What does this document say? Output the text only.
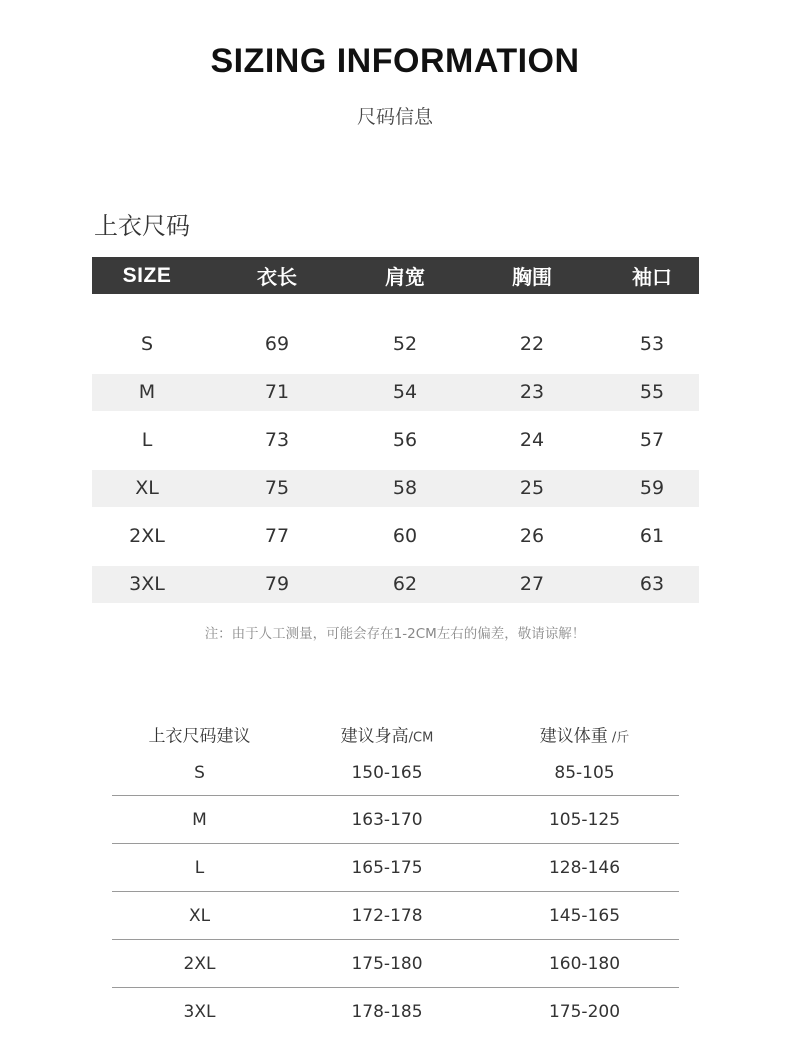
SIZING INFORMATION
尺码信息
上衣尺码
SIZE	衣长	肩宽	胸围	袖口
S	69	52	22	53
M	71	54	23	55
L	73	56	24	57
XL	75	58	25	59
2XL	77	60	26	61
3XL	79	62	27	63
注：由于人工测量，可能会存在1-2CM左右的偏差，敬请谅解！
上衣尺码建议	建议身高/CM	建议体重 /斤
S	150-165	85-105
M	163-170	105-125
L	165-175	128-146
XL	172-178	145-165
2XL	175-180	160-180
3XL	178-185	175-200
